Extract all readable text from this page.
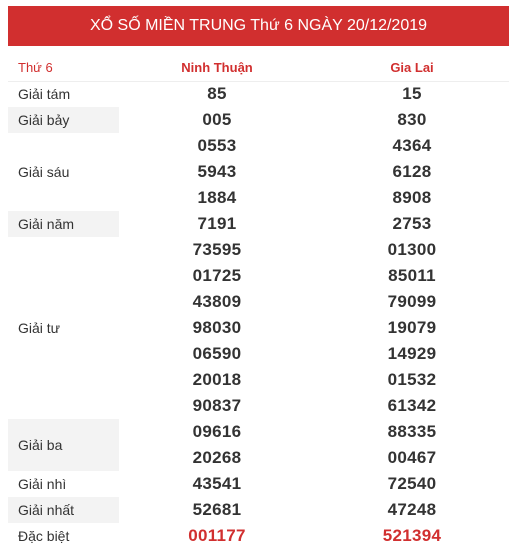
XỔ SỐ MIỀN TRUNG Thứ 6 NGÀY 20/12/2019
Thứ 6	Ninh Thuận	Gia Lai
Giải tám	85	15
Giải bảy	005	830
Giải sáu	0553	4364
	5943	6128
	1884	8908
Giải năm	7191	2753
Giải tư	73595	01300
	01725	85011
	43809	79099
	98030	19079
	06590	14929
	20018	01532
	90837	61342
Giải ba	09616	88335
	20268	00467
Giải nhì	43541	72540
Giải nhất	52681	47248
Đặc biệt	001177	521394
